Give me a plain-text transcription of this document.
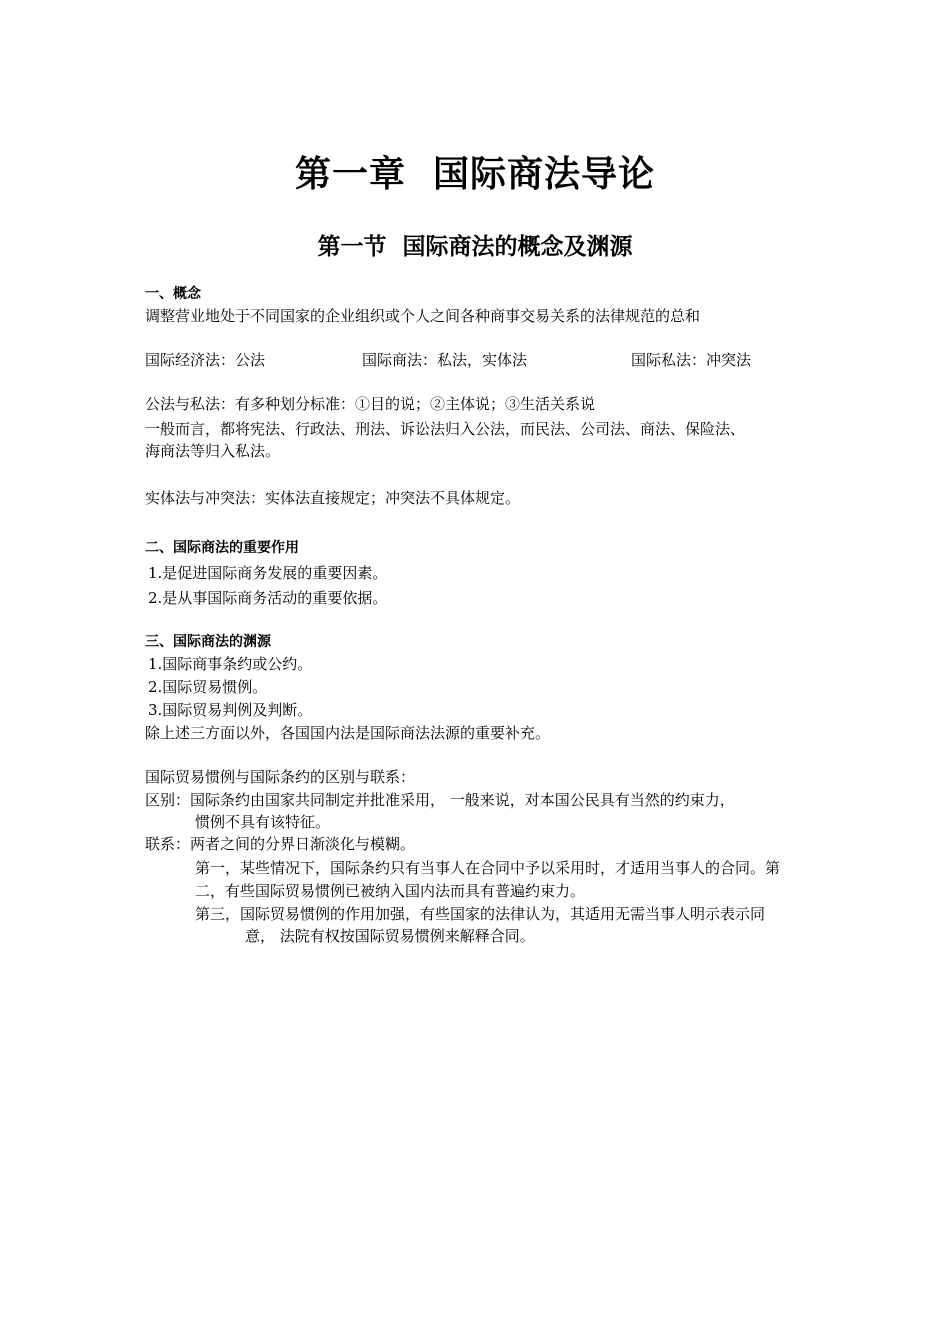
第一章  国际商法导论
第一节  国际商法的概念及渊源
一、概念
调整营业地处于不同国家的企业组织或个人之间各种商事交易关系的法律规范的总和
国际经济法：公法	国际商法：私法，实体法	国际私法：冲突法
公法与私法：有多种划分标准：①目的说；②主体说；③生活关系说
一般而言，都将宪法、行政法、刑法、诉讼法归入公法，而民法、公司法、商法、保险法、
海商法等归入私法。
实体法与冲突法：实体法直接规定；冲突法不具体规定。
二、国际商法的重要作用
1.是促进国际商务发展的重要因素。
2.是从事国际商务活动的重要依据。
三、国际商法的渊源
1.国际商事条约或公约。
2.国际贸易惯例。
3.国际贸易判例及判断。
除上述三方面以外，各国国内法是国际商法法源的重要补充。
国际贸易惯例与国际条约的区别与联系：
区别：国际条约由国家共同制定并批准采用， 一般来说，对本国公民具有当然的约束力，
惯例不具有该特征。
联系：两者之间的分界日渐淡化与模糊。
第一，某些情况下，国际条约只有当事人在合同中予以采用时，才适用当事人的合同。第
二，有些国际贸易惯例已被纳入国内法而具有普遍约束力。
第三，国际贸易惯例的作用加强，有些国家的法律认为，其适用无需当事人明示表示同
意， 法院有权按国际贸易惯例来解释合同。
